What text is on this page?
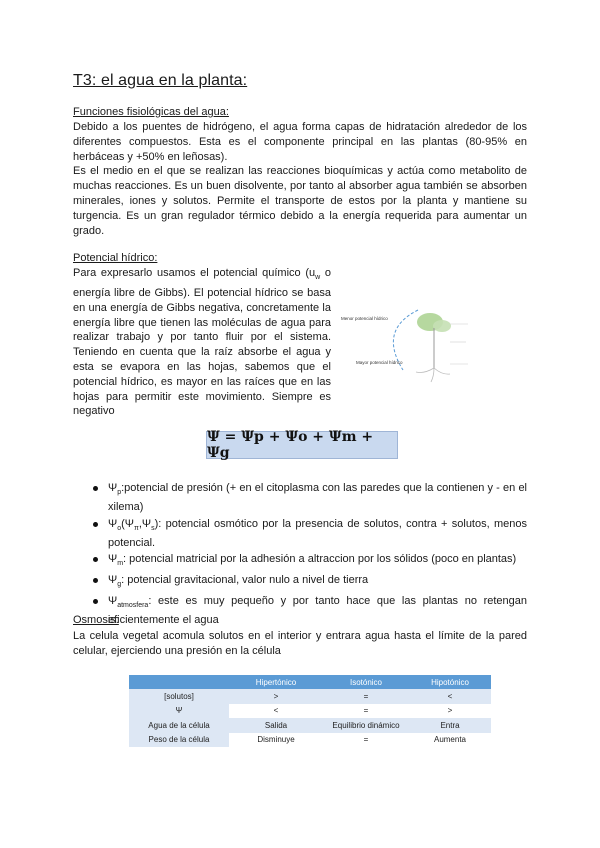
T3: el agua en la planta:
Funciones fisiológicas del agua:

Debido a los puentes de hidrógeno, el agua forma capas de hidratación alrededor de los diferentes compuestos. Esta es el componente principal en las plantas (80-95% en herbáceas y +50% en leñosas).

Es el medio en el que se realizan las reacciones bioquímicas y actúa como metabolito de muchas reacciones. Es un buen disolvente, por tanto al absorber agua también se absorben minerales, iones y solutos. Permite el transporte de estos por la planta y mantiene su turgencia. Es un gran regulador térmico debido a la energía requerida para aumentar un grado.

Potencial hídrico:
Para expresarlo usamos el potencial químico ($u_w$ o energía libre de Gibbs). El potencial hídrico se basa en una energía de Gibbs negativa, concretamente la energía libre que tienen las moléculas de agua para realizar trabajo y por tanto fluir por el sistema. Teniendo en cuenta que la raíz absorbe el agua y esta se evapora en las hojas, sabemos que el potencial hídrico, es mayor en las raíces que en las hojas para permitir este movimiento. Siempre es negativo
Menor potencial hídrico
Mayor potencial hídrico
Ψ = Ψp + Ψo + Ψm + Ψg
$\Psi_p:potencial$ de presión (+ en el citoplasma con las paredes que la contienen y - en el xilema)
$\Psi_o(\Psi_\pi,\Psi_s)$: potencial osmótico por la presencia de solutos, contra + solutos, menos potencial.
$\Psi_m$: potencial matricial por la adhesión a altraccion por los sólidos (poco en plantas)
$\Psi_g$: potencial gravitacional, valor nulo a nivel de tierra
$\Psi_{atmosfera}$: este es muy pequeño y por tanto hace que las plantas no retengan eficientemente el agua
Osmosis:
La celula vegetal acomula solutos en el interior y entrara agua hasta el límite de la pared celular, ejerciendo una presión en la célula
	Hipertónico	Isotónico	Hipotónico
[solutos]	>	=	<
Ψ	<	=	>
Agua de la célula	Salida	Equilibrio dinámico	Entra
Peso de la célula	Disminuye	=	Aumenta
